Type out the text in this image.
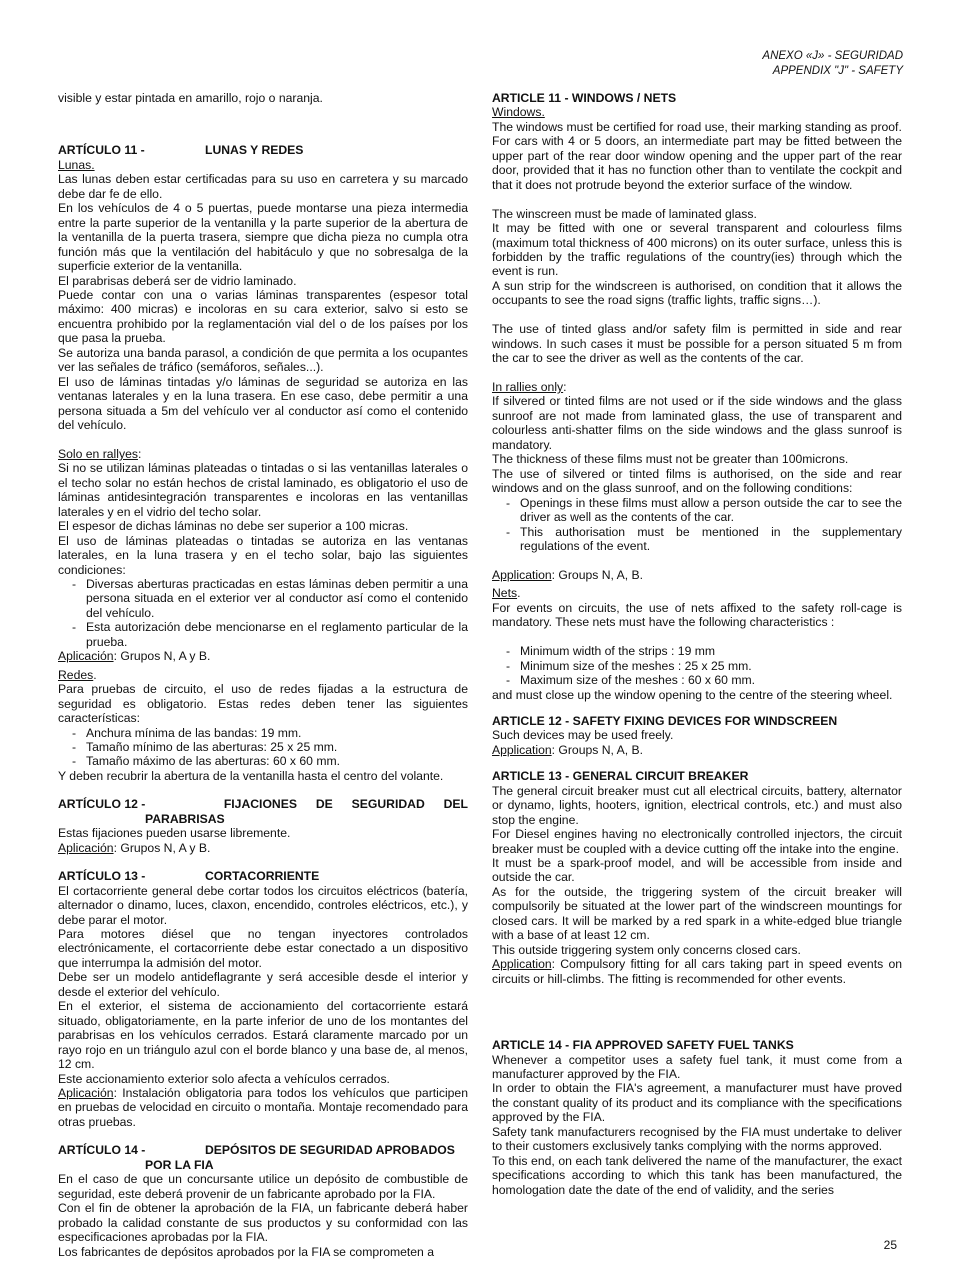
ANEXO «J» - SEGURIDAD
APPENDIX "J" - SAFETY

visible y estar pintada en amarillo, rojo o naranja.

ARTÍCULO 11 -	LUNAS Y REDES

Lunas.

Las lunas deben estar certificadas para su uso en carretera y su marcado debe dar fe de ello.

En los vehículos de 4 o 5 puertas, puede montarse una pieza intermedia entre la parte superior de la ventanilla y la parte superior de la abertura de la ventanilla de la puerta trasera, siempre que dicha pieza no cumpla otra función más que la ventilación del habitáculo y que no sobresalga de la superficie exterior de la ventanilla.

El parabrisas deberá ser de vidrio laminado.

Puede contar con una o varias láminas transparentes (espesor total máximo: 400 micras) e incoloras en su cara exterior, salvo si esto se encuentra prohibido por la reglamentación vial del o de los países por los que pasa la prueba.

Se autoriza una banda parasol, a condición de que permita a los ocupantes ver las señales de tráfico (semáforos, señales...).

El uso de láminas tintadas y/o láminas de seguridad se autoriza en las ventanas laterales y en la luna trasera. En ese caso, debe permitir a una persona situada a 5m del vehículo ver al conductor así como el contenido del vehículo.

Solo en rallyes:

Si no se utilizan láminas plateadas o tintadas o si las ventanillas laterales o el techo solar no están hechos de cristal laminado, es obligatorio el uso de láminas antidesintegración transparentes e incoloras en las ventanillas laterales y en el vidrio del techo solar.

El espesor de dichas láminas no debe ser superior a 100 micras.

El uso de láminas plateadas o tintadas se autoriza en las ventanas laterales, en la luna trasera y en el techo solar, bajo las siguientes condiciones:

- Diversas aberturas practicadas en estas láminas deben permitir a una persona situada en el exterior ver al conductor así como el contenido del vehículo.
- Esta autorización debe mencionarse en el reglamento particular de la prueba.

Aplicación: Grupos N, A y B.

Redes.

Para pruebas de circuito, el uso de redes fijadas a la estructura de seguridad es obligatorio. Estas redes deben tener las siguientes características:

- Anchura mínima de las bandas: 19 mm.
- Tamaño mínimo de las aberturas: 25 x 25 mm.
- Tamaño máximo de las aberturas: 60 x 60 mm.

Y deben recubrir la abertura de la ventanilla hasta el centro del volante.

ARTÍCULO 12 -	FIJACIONES DE SEGURIDAD DEL
PARABRISAS

Estas fijaciones pueden usarse libremente.

Aplicación: Grupos N, A y B.

ARTÍCULO 13 -	CORTACORRIENTE

El cortacorriente general debe cortar todos los circuitos eléctricos (batería, alternador o dinamo, luces, claxon, encendido, controles eléctricos, etc.), y debe parar el motor.

Para motores diésel que no tengan inyectores controlados electrónicamente, el cortacorriente debe estar conectado a un dispositivo que interrumpa la admisión del motor.

Debe ser un modelo antideflagrante y será accesible desde el interior y desde el exterior del vehículo.

En el exterior, el sistema de accionamiento del cortacorriente estará situado, obligatoriamente, en la parte inferior de uno de los montantes del parabrisas en los vehículos cerrados. Estará claramente marcado por un rayo rojo en un triángulo azul con el borde blanco y una base de, al menos, 12 cm.

Este accionamiento exterior solo afecta a vehículos cerrados.

Aplicación: Instalación obligatoria para todos los vehículos que participen en pruebas de velocidad en circuito o montaña. Montaje recomendado para otras pruebas.

ARTÍCULO 14 -	DEPÓSITOS DE SEGURIDAD APROBADOS
POR LA FIA

En el caso de que un concursante utilice un depósito de combustible de seguridad, este deberá provenir de un fabricante aprobado por la FIA.

Con el fin de obtener la aprobación de la FIA, un fabricante deberá haber probado la calidad constante de sus productos y su conformidad con las especificaciones aprobadas por la FIA.

Los fabricantes de depósitos aprobados por la FIA se comprometen a

ARTICLE 11 - WINDOWS / NETS

Windows.

The windows must be certified for road use, their marking standing as proof.

For cars with 4 or 5 doors, an intermediate part may be fitted between the upper part of the rear door window opening and the upper part of the rear door, provided that it has no function other than to ventilate the cockpit and that it does not protrude beyond the exterior surface of the window.

The winscreen must be made of laminated glass.

It may be fitted with one or several transparent and colourless films (maximum total thickness of 400 microns) on its outer surface, unless this is forbidden by the traffic regulations of the country(ies) through which the event is run.

A sun strip for the windscreen is authorised, on condition that it allows the occupants to see the road signs (traffic lights, traffic signs…).

The use of tinted glass and/or safety film is permitted in side and rear windows. In such cases it must be possible for a person situated 5 m from the car to see the driver as well as the contents of the car.

In rallies only:

If silvered or tinted films are not used or if the side windows and the glass sunroof are not made from laminated glass, the use of transparent and colourless anti-shatter films on the side windows and the glass sunroof is mandatory.

The thickness of these films must not be greater than 100microns.

The use of silvered or tinted films is authorised, on the side and rear windows and on the glass sunroof, and on the following conditions:

- Openings in these films must allow a person outside the car to see the driver as well as the contents of the car.
- This authorisation must be mentioned in the supplementary regulations of the event.

Application: Groups N, A, B.

Nets.

For events on circuits, the use of nets affixed to the safety roll-cage is mandatory. These nets must have the following characteristics :

- Minimum width of the strips : 19 mm
- Minimum size of the meshes : 25 x 25 mm.
- Maximum size of the meshes : 60 x 60 mm.

and must close up the window opening to the centre of the steering wheel.

ARTICLE 12 - SAFETY FIXING DEVICES FOR WINDSCREEN

Such devices may be used freely.

Application: Groups N, A, B.

ARTICLE 13 - GENERAL CIRCUIT BREAKER

The general circuit breaker must cut all electrical circuits, battery, alternator or dynamo, lights, hooters, ignition, electrical controls, etc.) and must also stop the engine.

For Diesel engines having no electronically controlled injectors, the circuit breaker must be coupled with a device cutting off the intake into the engine.

It must be a spark-proof model, and will be accessible from inside and outside the car.

As for the outside, the triggering system of the circuit breaker will compulsorily be situated at the lower part of the windscreen mountings for closed cars. It will be marked by a red spark in a white-edged blue triangle with a base of at least 12 cm.

This outside triggering system only concerns closed cars.

Application: Compulsory fitting for all cars taking part in speed events on circuits or hill-climbs. The fitting is recommended for other events.

ARTICLE 14 - FIA APPROVED SAFETY FUEL TANKS

Whenever a competitor uses a safety fuel tank, it must come from a manufacturer approved by the FIA.

In order to obtain the FIA's agreement, a manufacturer must have proved the constant quality of its product and its compliance with the specifications approved by the FIA.

Safety tank manufacturers recognised by the FIA must undertake to deliver to their customers exclusively tanks complying with the norms approved.

To this end, on each tank delivered the name of the manufacturer, the exact specifications according to which this tank has been manufactured, the homologation date the date of the end of validity, and the series

25
